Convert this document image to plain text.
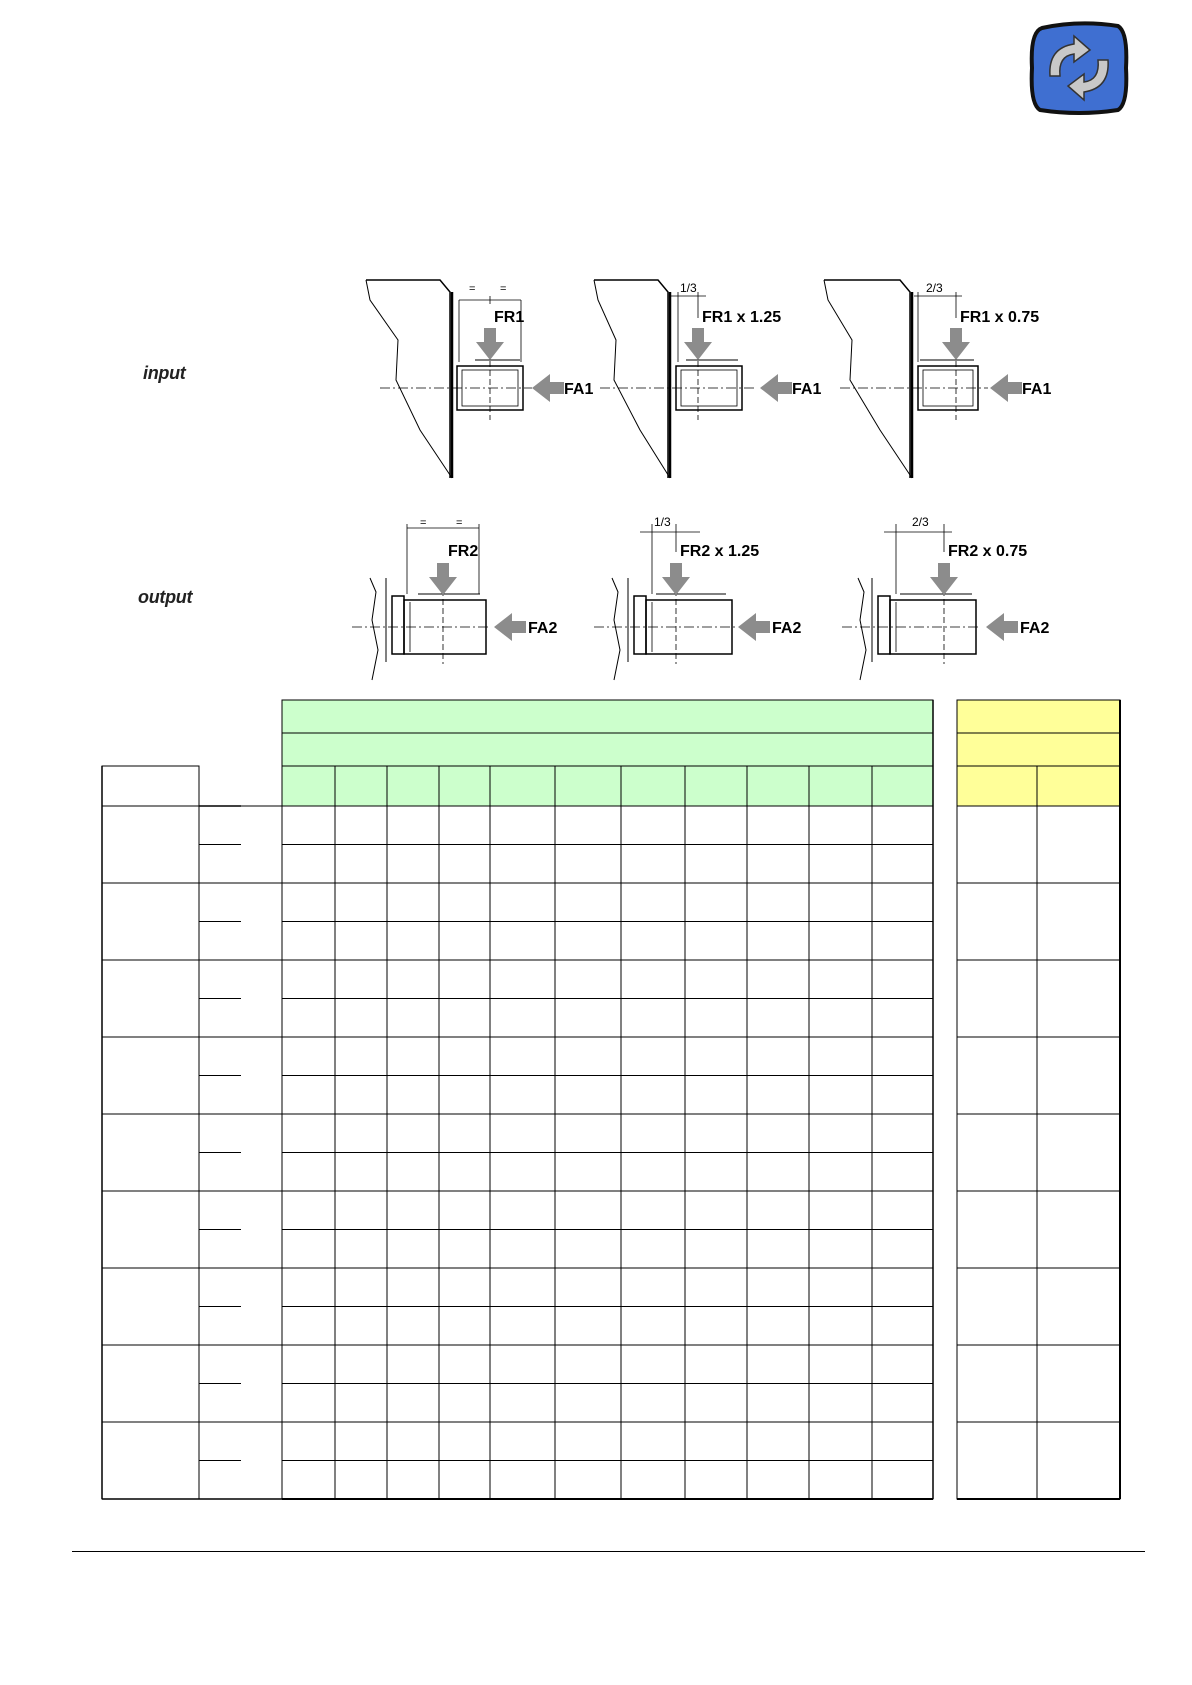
input
output
= =
FR1
FA1
1/3
FR1 x 1.25
FA1
2/3
FR1 x 0.75
FA1
=	=
FR2
FA2
1/3
FR2 x 1.25
FA2
2/3
FR2 x 0.75
FA2
